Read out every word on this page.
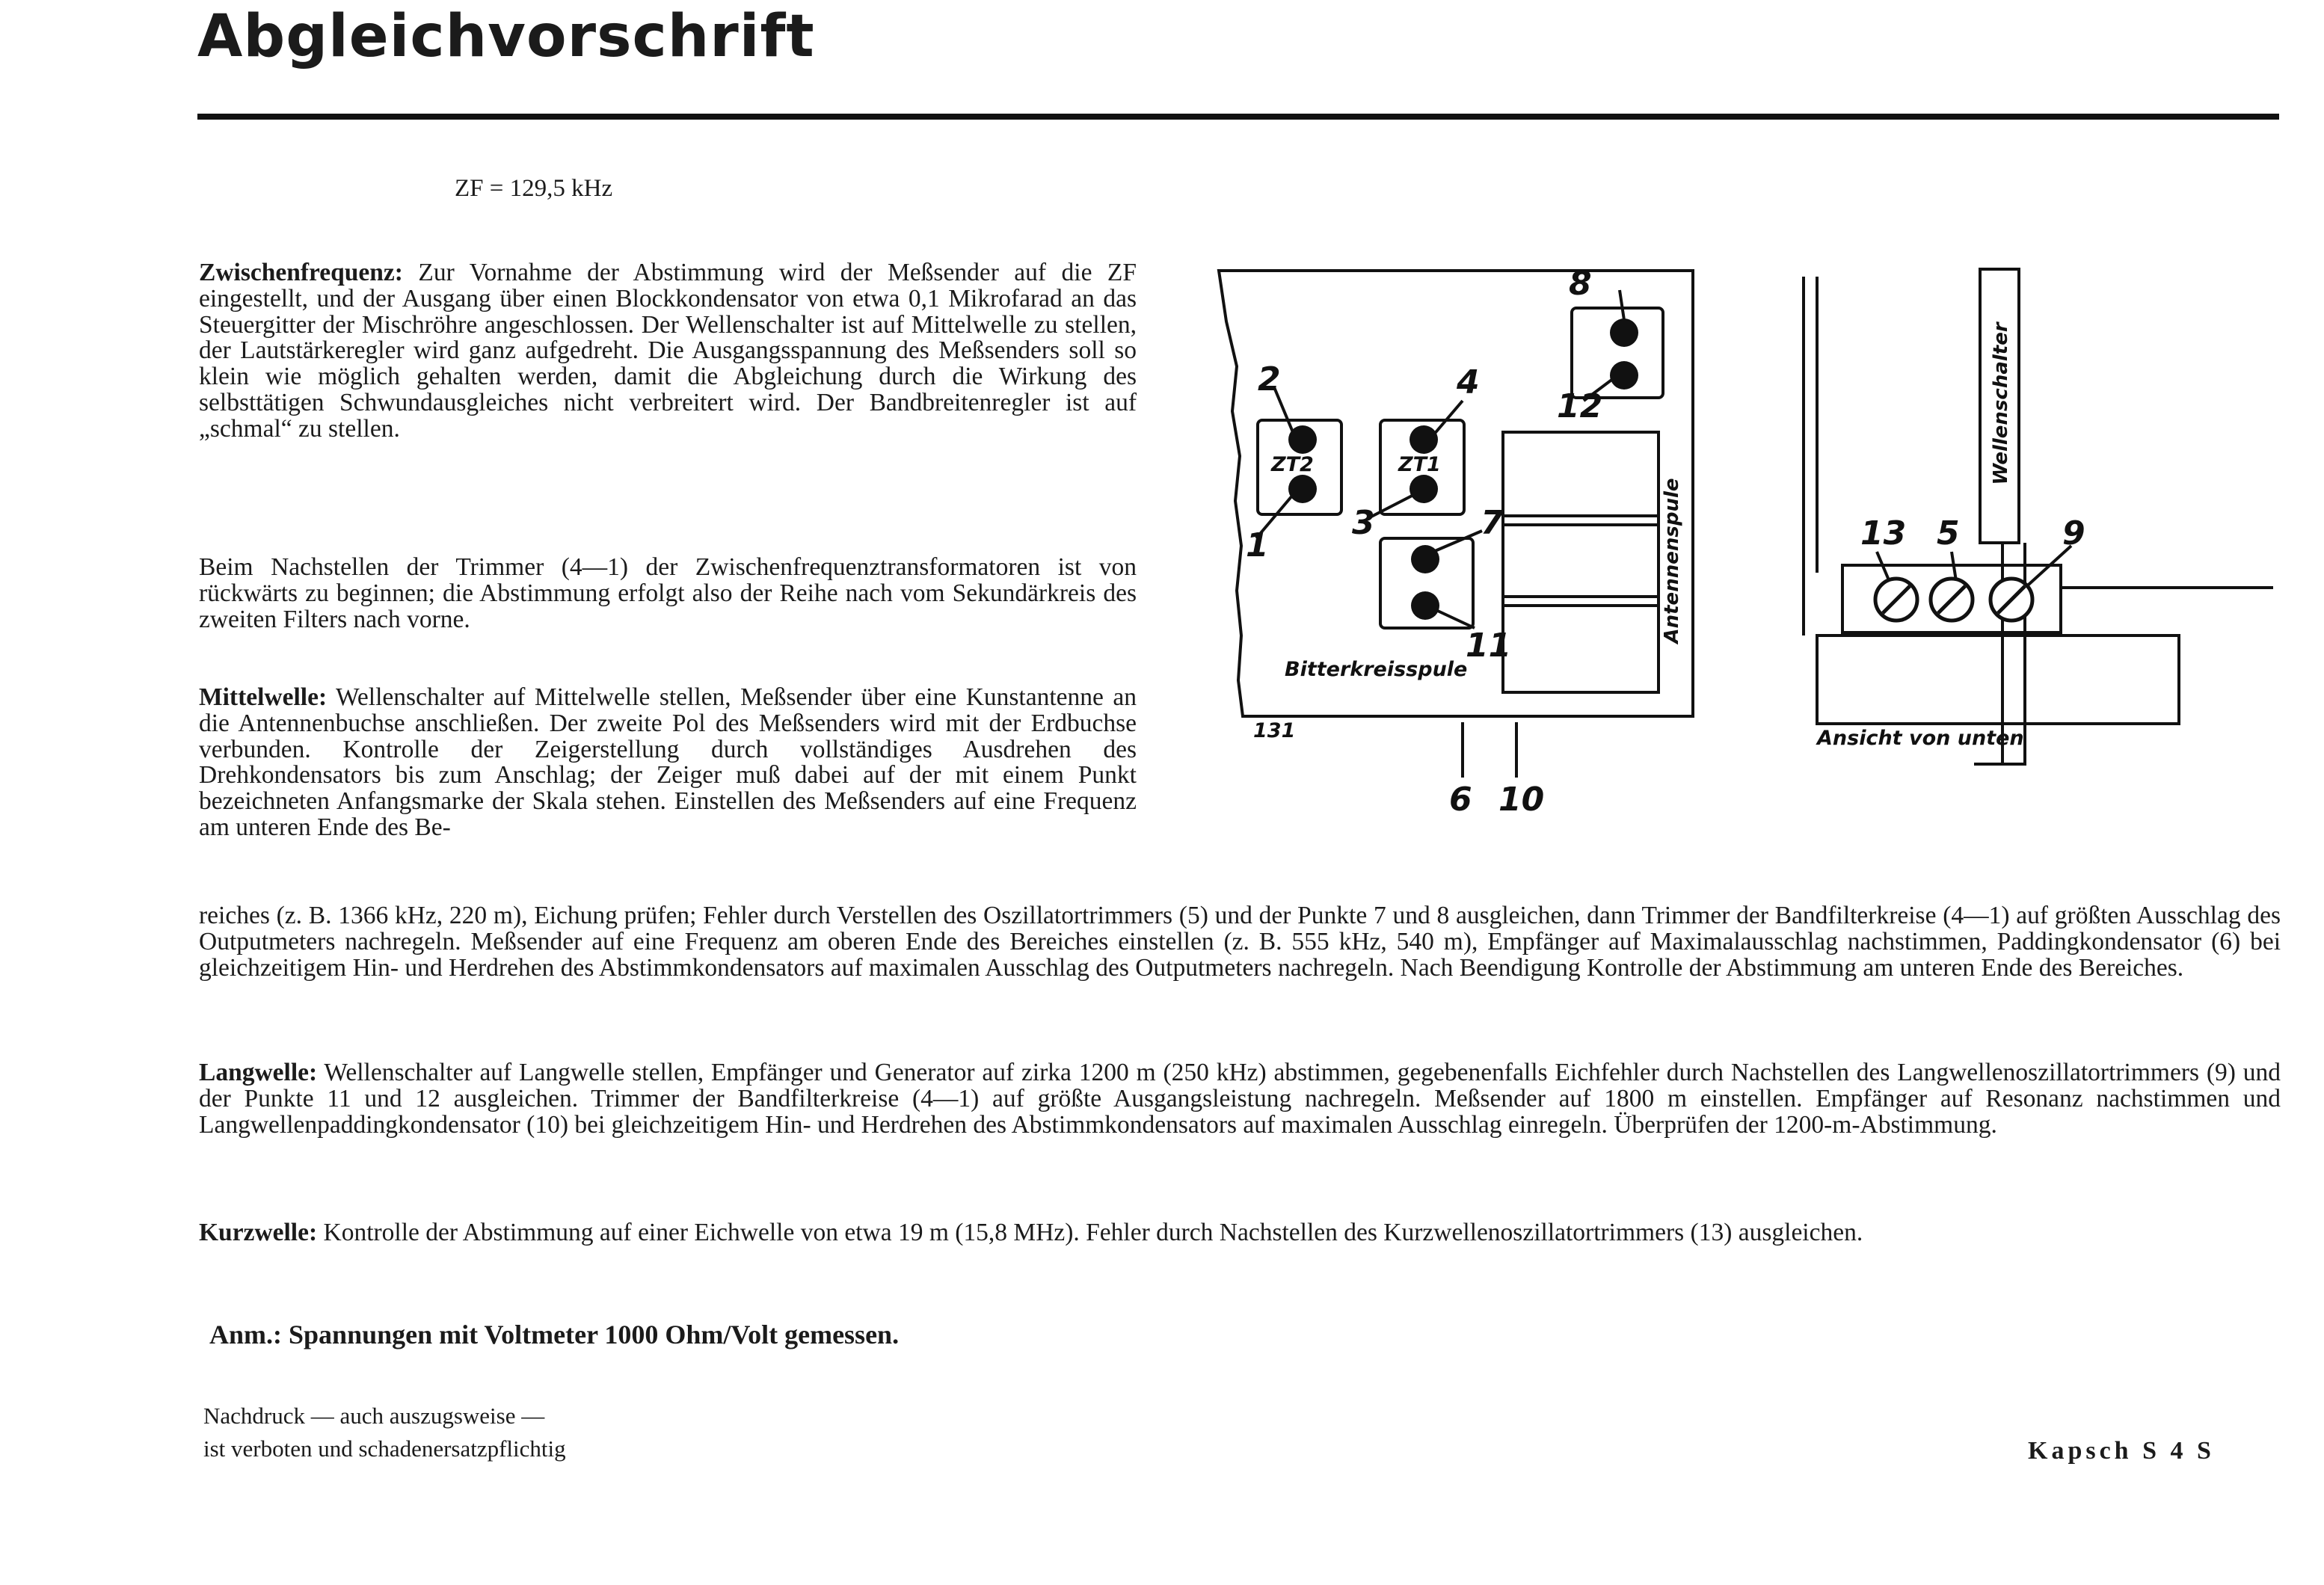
Abgleichvorschrift
ZF = 129,5 kHz

Zwischenfrequenz: Zur Vornahme der Abstimmung wird der Meßsender auf die ZF eingestellt, und der Ausgang über einen Blockkondensator von etwa 0,1 Mikrofarad an das Steuergitter der Mischröhre angeschlossen. Der Wellenschalter ist auf Mittelwelle zu stellen, der Lautstärkeregler wird ganz aufgedreht. Die Ausgangsspannung des Meßsenders soll so klein wie möglich gehalten werden, damit die Abgleichung durch die Wirkung des selbsttätigen Schwundausgleiches nicht verbreitert wird. Der Bandbreitenregler ist auf „schmal“ zu stellen.

Beim Nachstellen der Trimmer (4—1) der Zwischenfrequenztransformatoren ist von rückwärts zu beginnen; die Abstimmung erfolgt also der Reihe nach vom Sekundärkreis des zweiten Filters nach vorne.

Mittelwelle: Wellenschalter auf Mittelwelle stellen, Meßsender über eine Kunstantenne an die Antennenbuchse anschließen. Der zweite Pol des Meßsenders wird mit der Erdbuchse verbunden. Kontrolle der Zeigerstellung durch vollständiges Ausdrehen des Drehkondensators bis zum Anschlag; der Zeiger muß dabei auf der mit einem Punkt bezeichneten Anfangsmarke der Skala stehen. Einstellen des Meßsenders auf eine Frequenz am unteren Ende des Be-

reiches (z. B. 1366 kHz, 220 m), Eichung prüfen; Fehler durch Verstellen des Oszillatortrimmers (5) und der Punkte 7 und 8 ausgleichen, dann Trimmer der Bandfilterkreise (4—1) auf größten Ausschlag des Outputmeters nachregeln. Meßsender auf eine Frequenz am oberen Ende des Bereiches einstellen (z. B. 555 kHz, 540 m), Empfänger auf Maximalausschlag nachstimmen, Paddingkondensator (6) bei gleichzeitigem Hin- und Herdrehen des Abstimmkondensators auf maximalen Ausschlag des Outputmeters nachregeln. Nach Beendigung Kontrolle der Abstimmung am unteren Ende des Bereiches.

Langwelle: Wellenschalter auf Langwelle stellen, Empfänger und Generator auf zirka 1200 m (250 kHz) abstimmen, gegebenenfalls Eichfehler durch Nachstellen des Langwellenoszillatortrimmers (9) und der Punkte 11 und 12 ausgleichen. Trimmer der Bandfilterkreise (4—1) auf größte Ausgangsleistung nachregeln. Meßsender auf 1800 m einstellen. Empfänger auf Resonanz nachstimmen und Langwellenpaddingkondensator (10) bei gleichzeitigem Hin- und Herdrehen des Abstimmkondensators auf maximalen Ausschlag einregeln. Überprüfen der 1200-m-Abstimmung.

Kurzwelle: Kontrolle der Abstimmung auf einer Eichwelle von etwa 19 m (15,8 MHz). Fehler durch Nachstellen des Kurzwellenoszillatortrimmers (13) ausgleichen.

Anm.: Spannungen mit Voltmeter 1000 Ohm/Volt gemessen.

Nachdruck — auch auszugsweise —
ist verboten und schadenersatzpflichtig	Kapsch S 4 S
2
1
ZT2
4
3
ZT1
7
11
8
12
6 10
131
Bitterkreisspule
Antennenspule
Wellenschalter
13 5	9
Ansicht von unten
